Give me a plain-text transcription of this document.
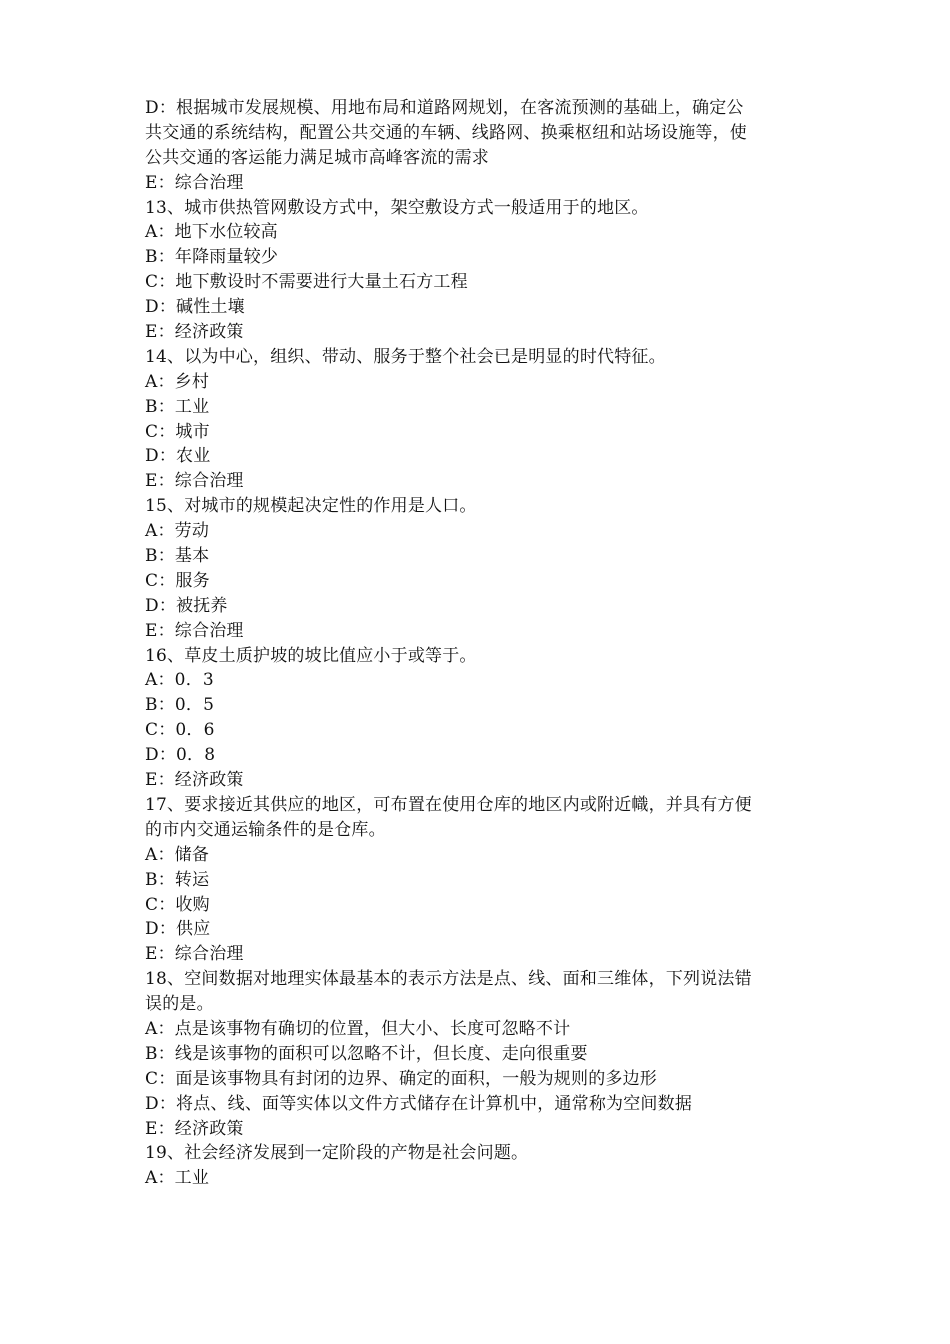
D：根据城市发展规模、用地布局和道路网规划，在客流预测的基础上，确定公
共交通的系统结构，配置公共交通的车辆、线路网、换乘枢纽和站场设施等，使
公共交通的客运能力满足城市高峰客流的需求
E：综合治理
13、城市供热管网敷设方式中，架空敷设方式一般适用于的地区。
A：地下水位较高
B：年降雨量较少
C：地下敷设时不需要进行大量土石方工程
D：碱性土壤
E：经济政策
14、以为中心，组织、带动、服务于整个社会已是明显的时代特征。
A：乡村
B：工业
C：城市
D：农业
E：综合治理
15、对城市的规模起决定性的作用是人口。
A：劳动
B：基本
C：服务
D：被抚养
E：综合治理
16、草皮土质护坡的坡比值应小于或等于。
A：0．3
B：0．5
C：0．6
D：0．8
E：经济政策
17、要求接近其供应的地区，可布置在使用仓库的地区内或附近幟，并具有方便
的市内交通运输条件的是仓库。
A：储备
B：转运
C：收购
D：供应
E：综合治理
18、空间数据对地理实体最基本的表示方法是点、线、面和三维体，下列说法错
误的是。
A：点是该事物有确切的位置，但大小、长度可忽略不计
B：线是该事物的面积可以忽略不计，但长度、走向很重要
C：面是该事物具有封闭的边界、确定的面积，一般为规则的多边形
D：将点、线、面等实体以文件方式储存在计算机中，通常称为空间数据
E：经济政策
19、社会经济发展到一定阶段的产物是社会问题。
A：工业
